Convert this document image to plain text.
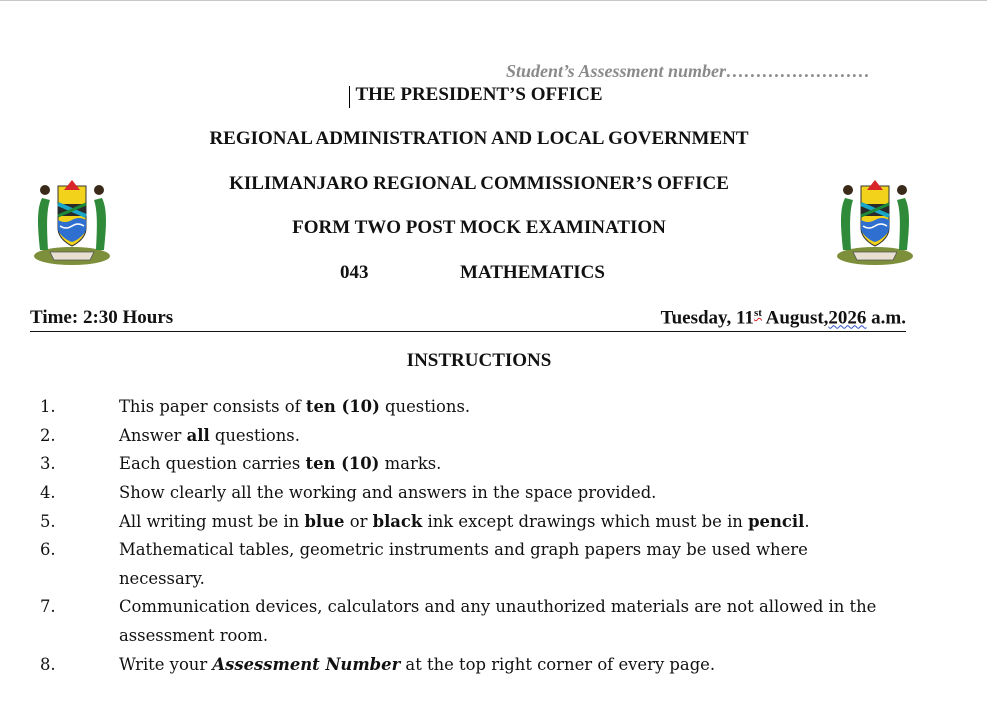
Student’s Assessment number……………………
THE PRESIDENT’S OFFICE
REGIONAL ADMINISTRATION AND LOCAL GOVERNMENT
KILIMANJARO REGIONAL COMMISSIONER’S OFFICE
FORM TWO POST MOCK EXAMINATION
043	MATHEMATICS
Time: 2:30 Hours	Tuesday, 11st August,2026 a.m.
INSTRUCTIONS
1.	This paper consists of ten (10) questions.
2.	Answer all questions.
3.	Each question carries ten (10) marks.
4.	Show clearly all the working and answers in the space provided.
5.	All writing must be in blue or black ink except drawings which must be in pencil.
6.	Mathematical tables, geometric instruments and graph papers may be used where
necessary.
7.	Communication devices, calculators and any unauthorized materials are not allowed in the
assessment room.
8.	Write your Assessment Number at the top right corner of every page.
